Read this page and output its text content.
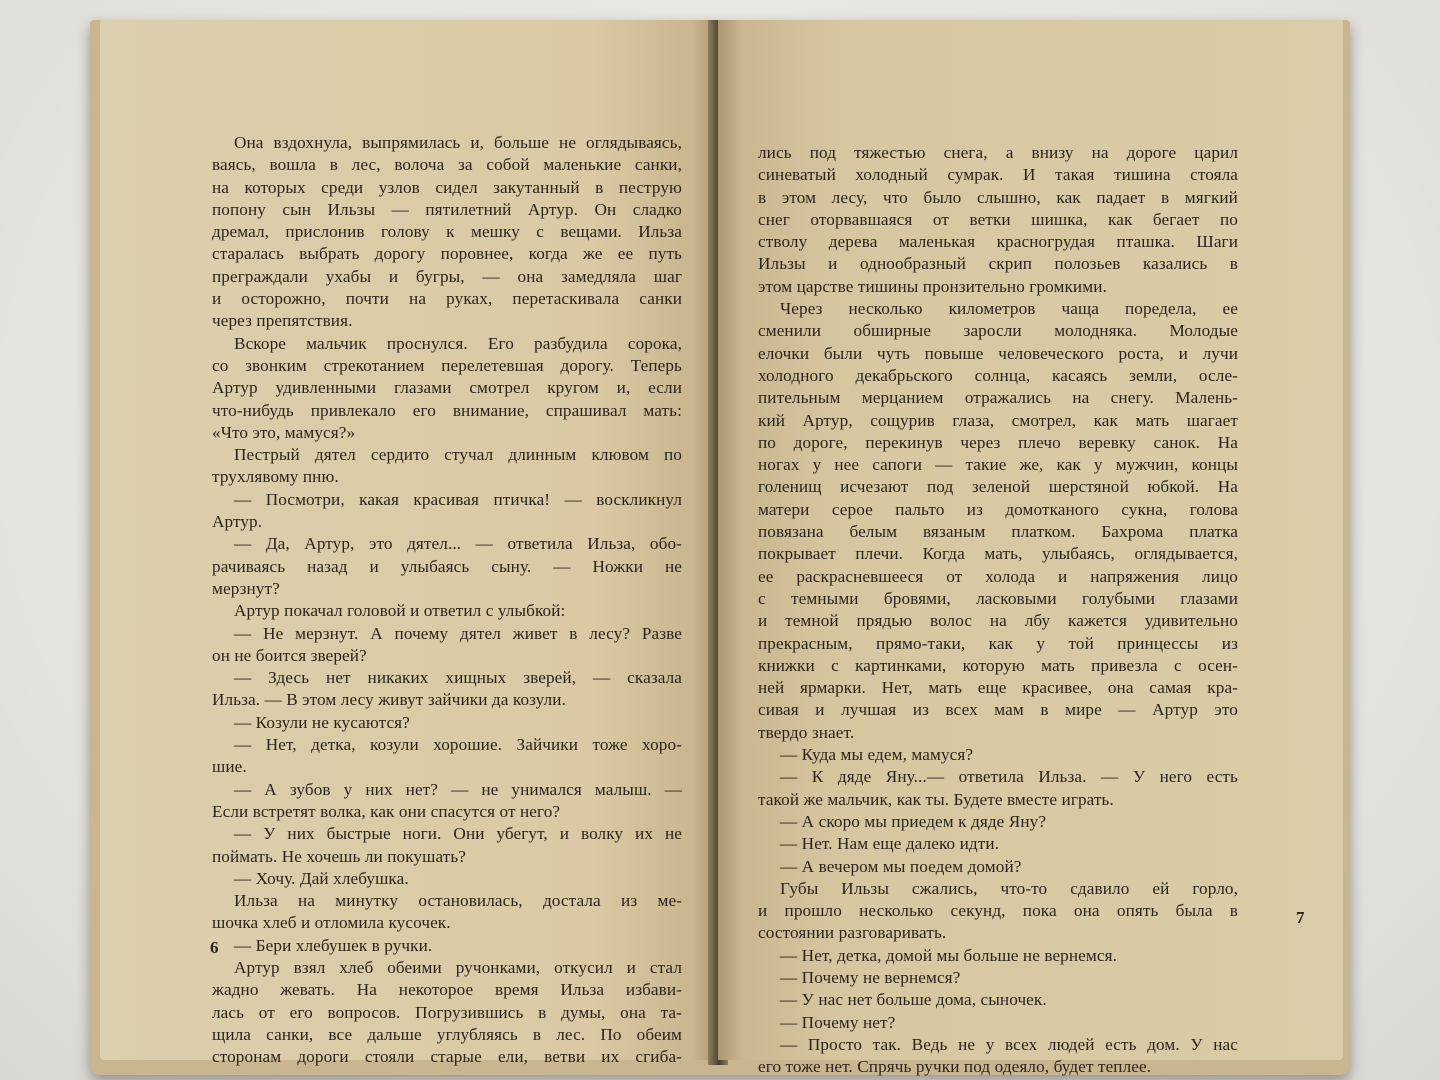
Она вздохнула, выпрямилась и, больше не оглядываясь,

ваясь, вошла в лес, волоча за собой маленькие санки,

на которых среди узлов сидел закутанный в пеструю

попону сын Ильзы — пятилетний Артур. Он сладко

дремал, прислонив голову к мешку с вещами. Ильза

старалась выбрать дорогу поровнее, когда же ее путь

преграждали ухабы и бугры, — она замедляла шаг

и осторожно, почти на руках, перетаскивала санки

через препятствия.

Вскоре мальчик проснулся. Его разбудила сорока,

со звонким стрекотанием перелетевшая дорогу. Теперь

Артур удивленными глазами смотрел кругом и, если

что-нибудь привлекало его внимание, спрашивал мать:

«Что это, мамуся?»

Пестрый дятел сердито стучал длинным клювом по

трухлявому пню.

— Посмотри, какая красивая птичка! — воскликнул

Артур.

— Да, Артур, это дятел... — ответила Ильза, обо-

рачиваясь назад и улыбаясь сыну. — Ножки не

мерзнут?

Артур покачал головой и ответил с улыбкой:

— Не мерзнут. А почему дятел живет в лесу? Разве

он не боится зверей?

— Здесь нет никаких хищных зверей, — сказала

Ильза. — В этом лесу живут зайчики да козули.

— Козули не кусаются?

— Нет, детка, козули хорошие. Зайчики тоже хоро-

шие.

— А зубов у них нет? — не унимался малыш. —

Если встретят волка, как они спасутся от него?

— У них быстрые ноги. Они убегут, и волку их не

поймать. Не хочешь ли покушать?

— Хочу. Дай хлебушка.

Ильза на минутку остановилась, достала из ме-

шочка хлеб и отломила кусочек.

— Бери хлебушек в ручки.

Артур взял хлеб обеими ручонками, откусил и стал

жадно жевать. На некоторое время Ильза избави-

лась от его вопросов. Погрузившись в думы, она та-

щила санки, все дальше углубляясь в лес. По обеим

сторонам дороги стояли старые ели, ветви их сгиба-

6

лись под тяжестью снега, а внизу на дороге царил

синеватый холодный сумрак. И такая тишина стояла

в этом лесу, что было слышно, как падает в мягкий

снег оторвавшаяся от ветки шишка, как бегает по

стволу дерева маленькая красногрудая пташка. Шаги

Ильзы и однообразный скрип полозьев казались в

этом царстве тишины пронзительно громкими.

Через несколько километров чаща поредела, ее

сменили обширные заросли молодняка. Молодые

елочки были чуть повыше человеческого роста, и лучи

холодного декабрьского солнца, касаясь земли, осле-

пительным мерцанием отражались на снегу. Малень-

кий Артур, сощурив глаза, смотрел, как мать шагает

по дороге, перекинув через плечо веревку санок. На

ногах у нее сапоги — такие же, как у мужчин, концы

голенищ исчезают под зеленой шерстяной юбкой. На

матери серое пальто из домотканого сукна, голова

повязана белым вязаным платком. Бахрома платка

покрывает плечи. Когда мать, улыбаясь, оглядывается,

ее раскрасневшееся от холода и напряжения лицо

с темными бровями, ласковыми голубыми глазами

и темной прядью волос на лбу кажется удивительно

прекрасным, прямо-таки, как у той принцессы из

книжки с картинками, которую мать привезла с осен-

ней ярмарки. Нет, мать еще красивее, она самая кра-

сивая и лучшая из всех мам в мире — Артур это

твердо знает.

— Куда мы едем, мамуся?

— К дяде Яну...— ответила Ильза. — У него есть

такой же мальчик, как ты. Будете вместе играть.

— А скоро мы приедем к дяде Яну?

— Нет. Нам еще далеко идти.

— А вечером мы поедем домой?

Губы Ильзы сжались, что-то сдавило ей горло,

и прошло несколько секунд, пока она опять была в

состоянии разговаривать.

— Нет, детка, домой мы больше не вернемся.

— Почему не вернемся?

— У нас нет больше дома, сыночек.

— Почему нет?

— Просто так. Ведь не у всех людей есть дом. У нас

его тоже нет. Спрячь ручки под одеяло, будет теплее.

7
